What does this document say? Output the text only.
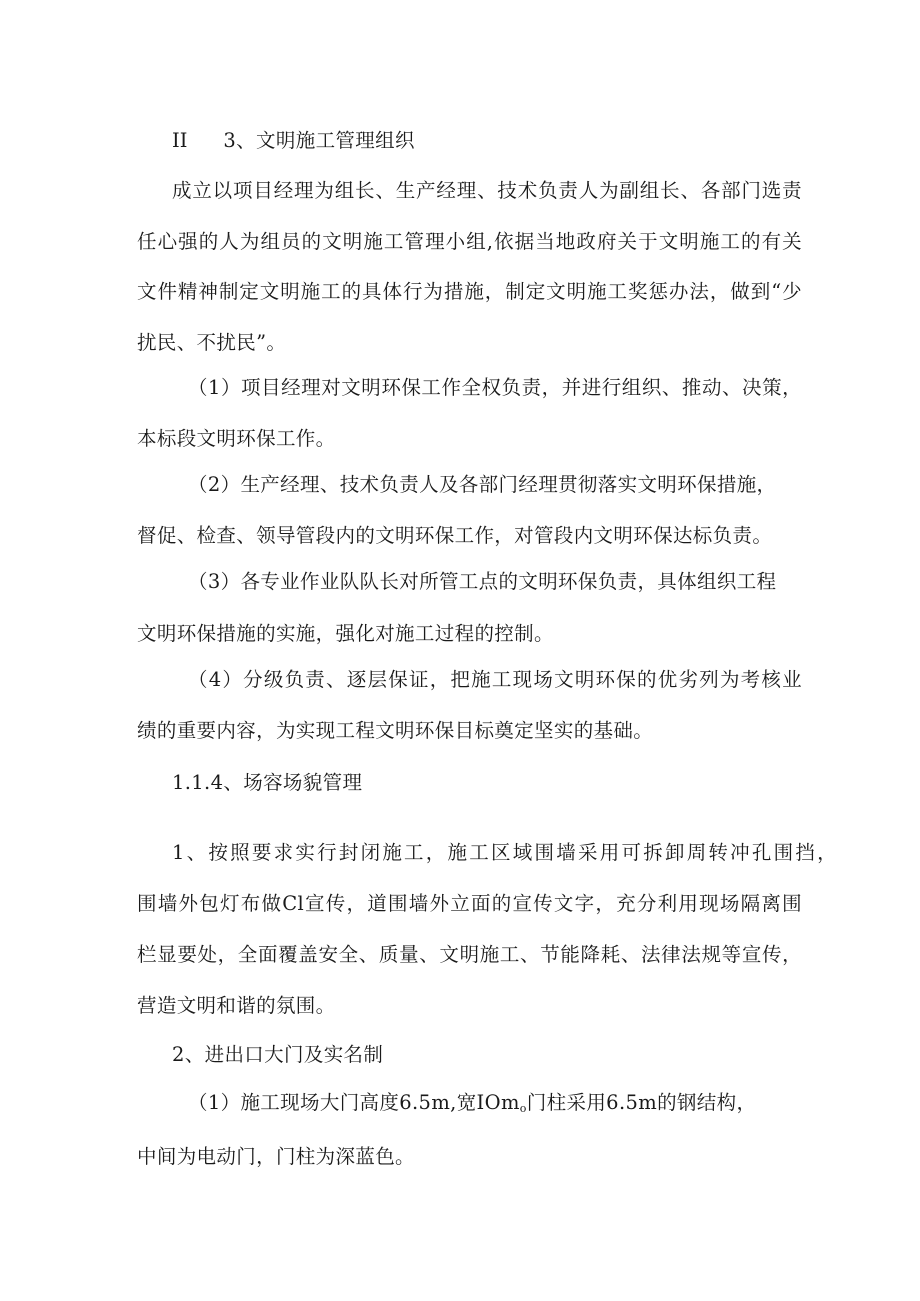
II 3、文明施工管理组织
成立以项目经理为组长、生产经理、技术负责人为副组长、各部门选责
任心强的人为组员的文明施工管理小组,依据当地政府关于文明施工的有关
文件精神制定文明施工的具体行为措施，制定文明施工奖惩办法，做到“少
扰民、不扰民”。
（1）项目经理对文明环保工作全权负责，并进行组织、推动、决策，
本标段文明环保工作。
（2）生产经理、技术负责人及各部门经理贯彻落实文明环保措施，
督促、检查、领导管段内的文明环保工作，对管段内文明环保达标负责。
（3）各专业作业队队长对所管工点的文明环保负责，具体组织工程
文明环保措施的实施，强化对施工过程的控制。
（4）分级负责、逐层保证，把施工现场文明环保的优劣列为考核业
绩的重要内容，为实现工程文明环保目标奠定坚实的基础。
1.1.4、场容场貌管理
1、按照要求实行封闭施工，施工区域围墙采用可拆卸周转冲孔围挡，
围墙外包灯布做Cl宣传，道围墙外立面的宣传文字，充分利用现场隔离围
栏显要处，全面覆盖安全、质量、文明施工、节能降耗、法律法规等宣传，
营造文明和谐的氛围。
2、进出口大门及实名制
（1）施工现场大门高度6.5m,宽IOm$_o$门柱采用6.5m的钢结构，
中间为电动门，门柱为深蓝色。
